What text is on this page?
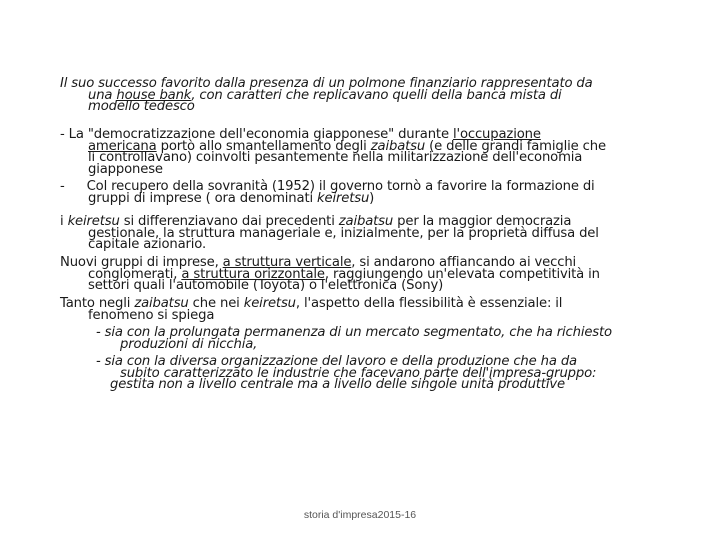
Il suo successo favorito dalla presenza di un polmone finanziario rappresentato da
una house bank, con caratteri che replicavano quelli della banca mista di
modello tedesco
- La "democratizzazione dell'economia giapponese" durante l'occupazione
americana portò allo smantellamento degli zaibatsu (e delle grandi famiglie che
li controllavano) coinvolti pesantemente nella militarizzazione dell'economia
giapponese
- Col recupero della sovranità (1952) il governo tornò a favorire la formazione di
gruppi di imprese ( ora denominati keiretsu)
i keiretsu si differenziavano dai precedenti zaibatsu per la maggior democrazia
gestionale, la struttura manageriale e, inizialmente, per la proprietà diffusa del
capitale azionario.
Nuovi gruppi di imprese, a struttura verticale, si andarono affiancando ai vecchi
conglomerati, a struttura orizzontale, raggiungendo un'elevata competitività in
settori quali l'automobile (Toyota) o l'elettronica (Sony)
Tanto negli zaibatsu che nei keiretsu, l'aspetto della flessibilità è essenziale: il
fenomeno si spiega
- sia con la prolungata permanenza di un mercato segmentato, che ha richiesto
produzioni di nicchia,
- sia con la diversa organizzazione del lavoro e della produzione che ha da
subito caratterizzato le industrie che facevano parte dell'impresa-gruppo:
gestita non a livello centrale ma a livello delle singole unità produttive
storia d'impresa2015-16
